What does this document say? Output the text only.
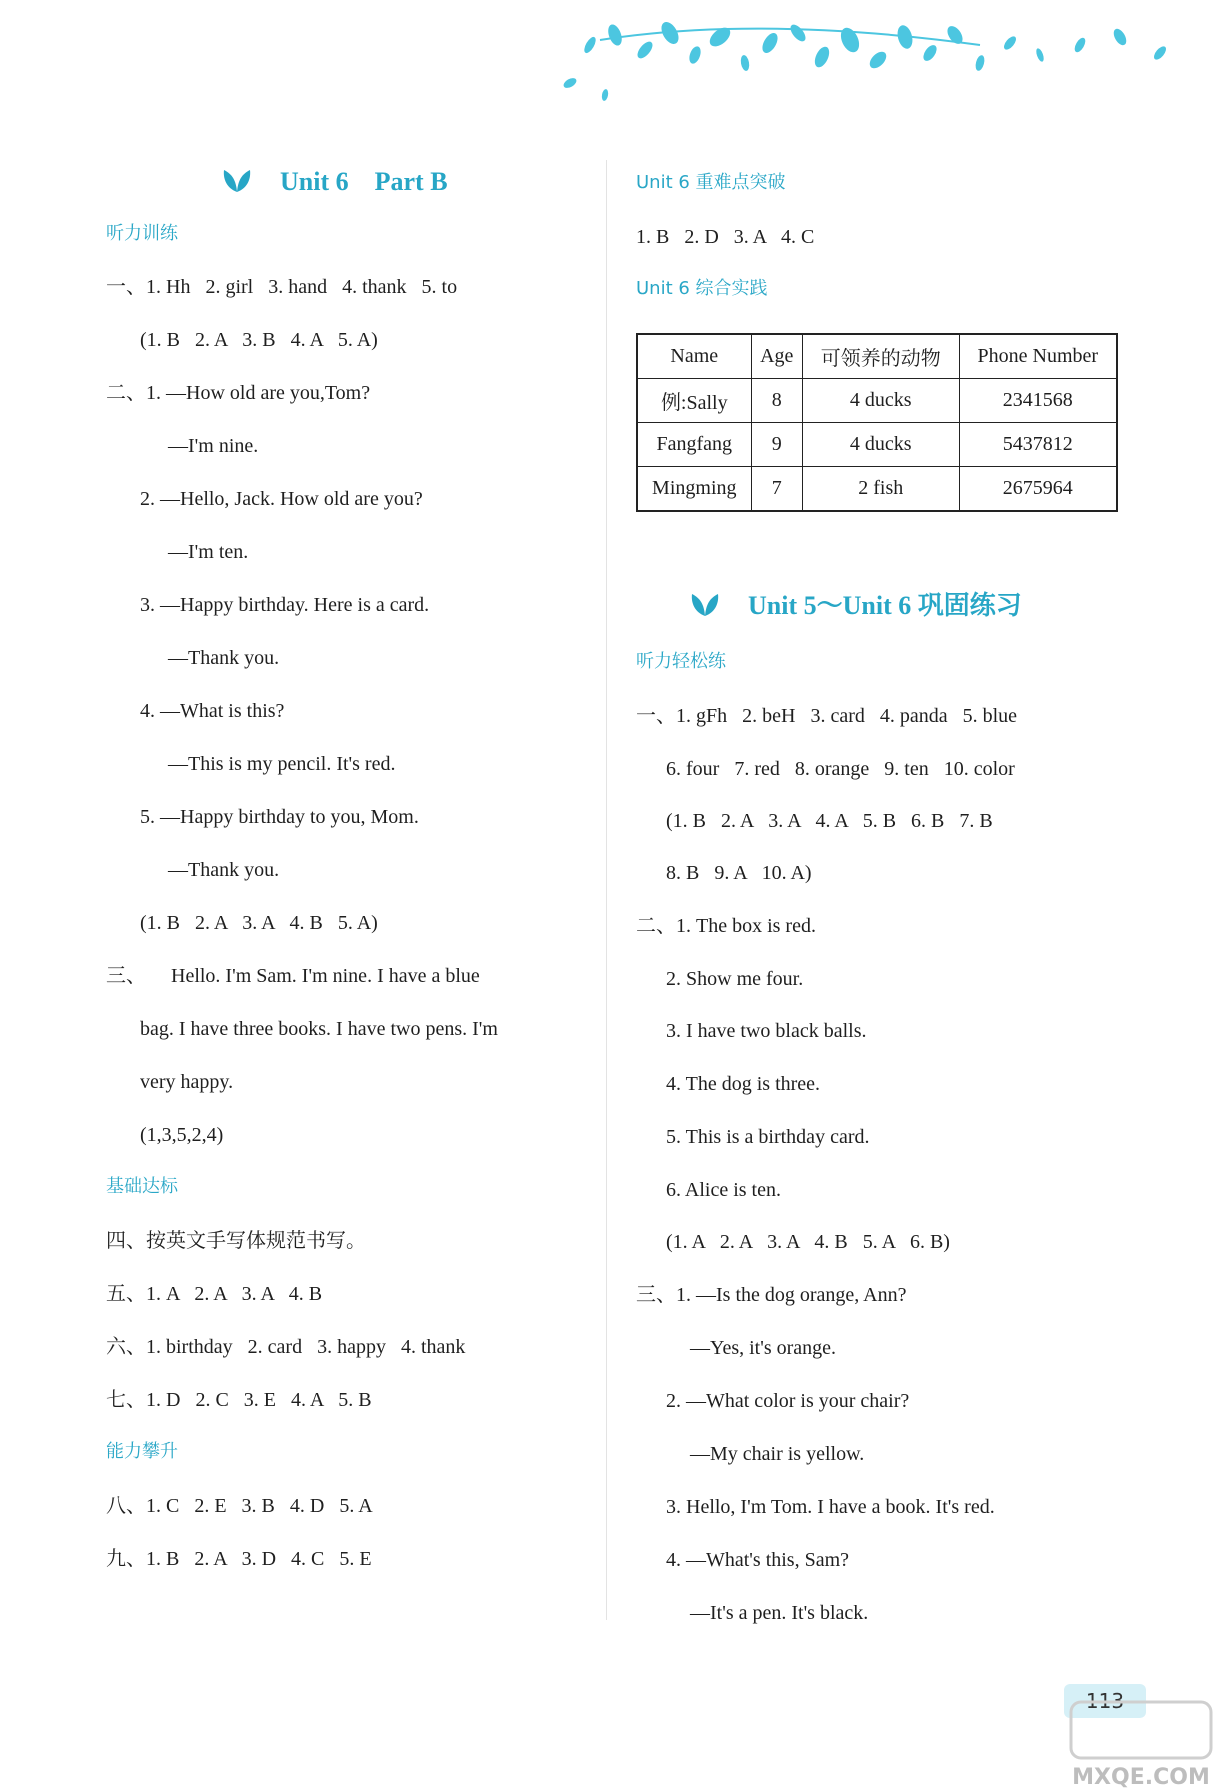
Unit 6    Part B
听力训练
一、1. Hh   2. girl   3. hand   4. thank   5. to
(1. B   2. A   3. B   4. A   5. A)
二、1. —How old are you,Tom?
—I'm nine.
2. —Hello, Jack. How old are you?
—I'm ten.
3. —Happy birthday. Here is a card.
—Thank you.
4. —What is this?
—This is my pencil. It's red.
5. —Happy birthday to you, Mom.
—Thank you.
(1. B   2. A   3. A   4. B   5. A)
三、     Hello. I'm Sam. I'm nine. I have a blue
bag. I have three books. I have two pens. I'm
very happy.
(1,3,5,2,4)
基础达标
四、按英文手写体规范书写。
五、1. A   2. A   3. A   4. B
六、1. birthday   2. card   3. happy   4. thank
七、1. D   2. C   3. E   4. A   5. B
能力攀升
八、1. C   2. E   3. B   4. D   5. A
九、1. B   2. A   3. D   4. C   5. E
Unit 6 重难点突破
1. B   2. D   3. A   4. C
Unit 6 综合实践
Name	Age	可领养的动物	Phone Number
例:Sally	8	4 ducks	2341568
Fangfang	9	4 ducks	5437812
Mingming	7	2 fish	2675964
Unit 5～Unit 6 巩固练习
听力轻松练
一、1. gFh   2. beH   3. card   4. panda   5. blue
6. four   7. red   8. orange   9. ten   10. color
(1. B   2. A   3. A   4. A   5. B   6. B   7. B
8. B   9. A   10. A)
二、1. The box is red.
2. Show me four.
3. I have two black balls.
4. The dog is three.
5. This is a birthday card.
6. Alice is ten.
(1. A   2. A   3. A   4. B   5. A   6. B)
三、1. —Is the dog orange, Ann?
—Yes, it's orange.
2. —What color is your chair?
—My chair is yellow.
3. Hello, I'm Tom. I have a book. It's red.
4. —What's this, Sam?
—It's a pen. It's black.
113
MXQE.COM
